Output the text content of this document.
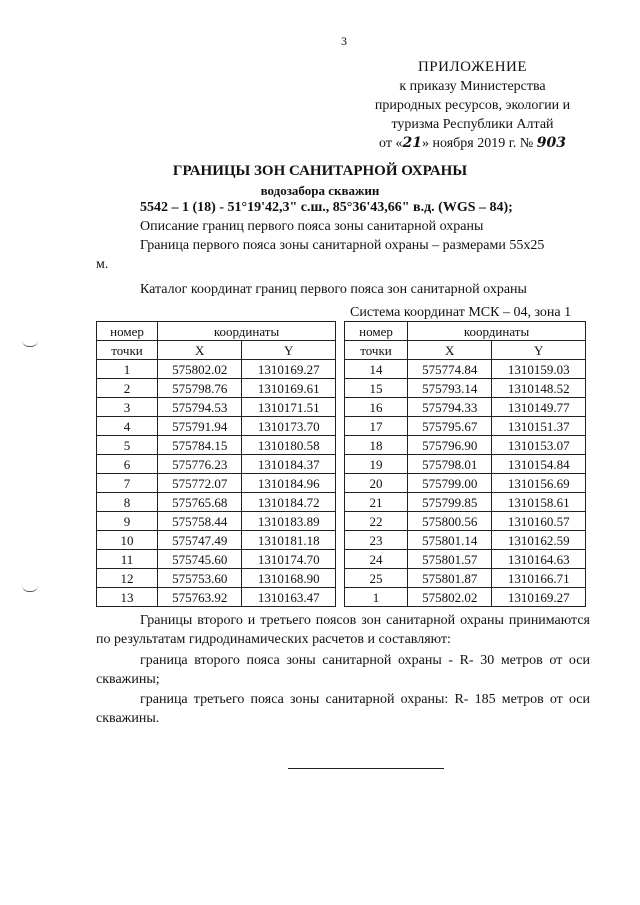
3
ПРИЛОЖЕНИЕ
к приказу Министерства
природных ресурсов, экологии и
туризма Республики Алтай
от «21» ноября 2019 г. № 903
ГРАНИЦЫ ЗОН САНИТАРНОЙ ОХРАНЫ
водозабора скважин
5542 – 1 (18) - 51°19'42,3" с.ш., 85°36'43,66" в.д. (WGS – 84);
Описание границ первого пояса зоны санитарной охраны
Граница первого пояса зоны санитарной охраны – размерами 55х25
м.
Каталог координат границ первого пояса зон санитарной охраны
Система координат МСК – 04, зона 1
номер	координаты	
точки	X	Y
1	575802.02	1310169.27
2	575798.76	1310169.61
3	575794.53	1310171.51
4	575791.94	1310173.70
5	575784.15	1310180.58
6	575776.23	1310184.37
7	575772.07	1310184.96
8	575765.68	1310184.72
9	575758.44	1310183.89
10	575747.49	1310181.18
11	575745.60	1310174.70
12	575753.60	1310168.90
13	575763.92	1310163.47
номер	координаты	
точки	X	Y
14	575774.84	1310159.03
15	575793.14	1310148.52
16	575794.33	1310149.77
17	575795.67	1310151.37
18	575796.90	1310153.07
19	575798.01	1310154.84
20	575799.00	1310156.69
21	575799.85	1310158.61
22	575800.56	1310160.57
23	575801.14	1310162.59
24	575801.57	1310164.63
25	575801.87	1310166.71
1	575802.02	1310169.27
Границы второго и третьего поясов зон санитарной охраны принимаются по результатам гидродинамических расчетов и составляют:
граница второго пояса зоны санитарной охраны - R- 30 метров от оси скважины;
граница третьего пояса зоны санитарной охраны: R- 185 метров от оси скважины.
